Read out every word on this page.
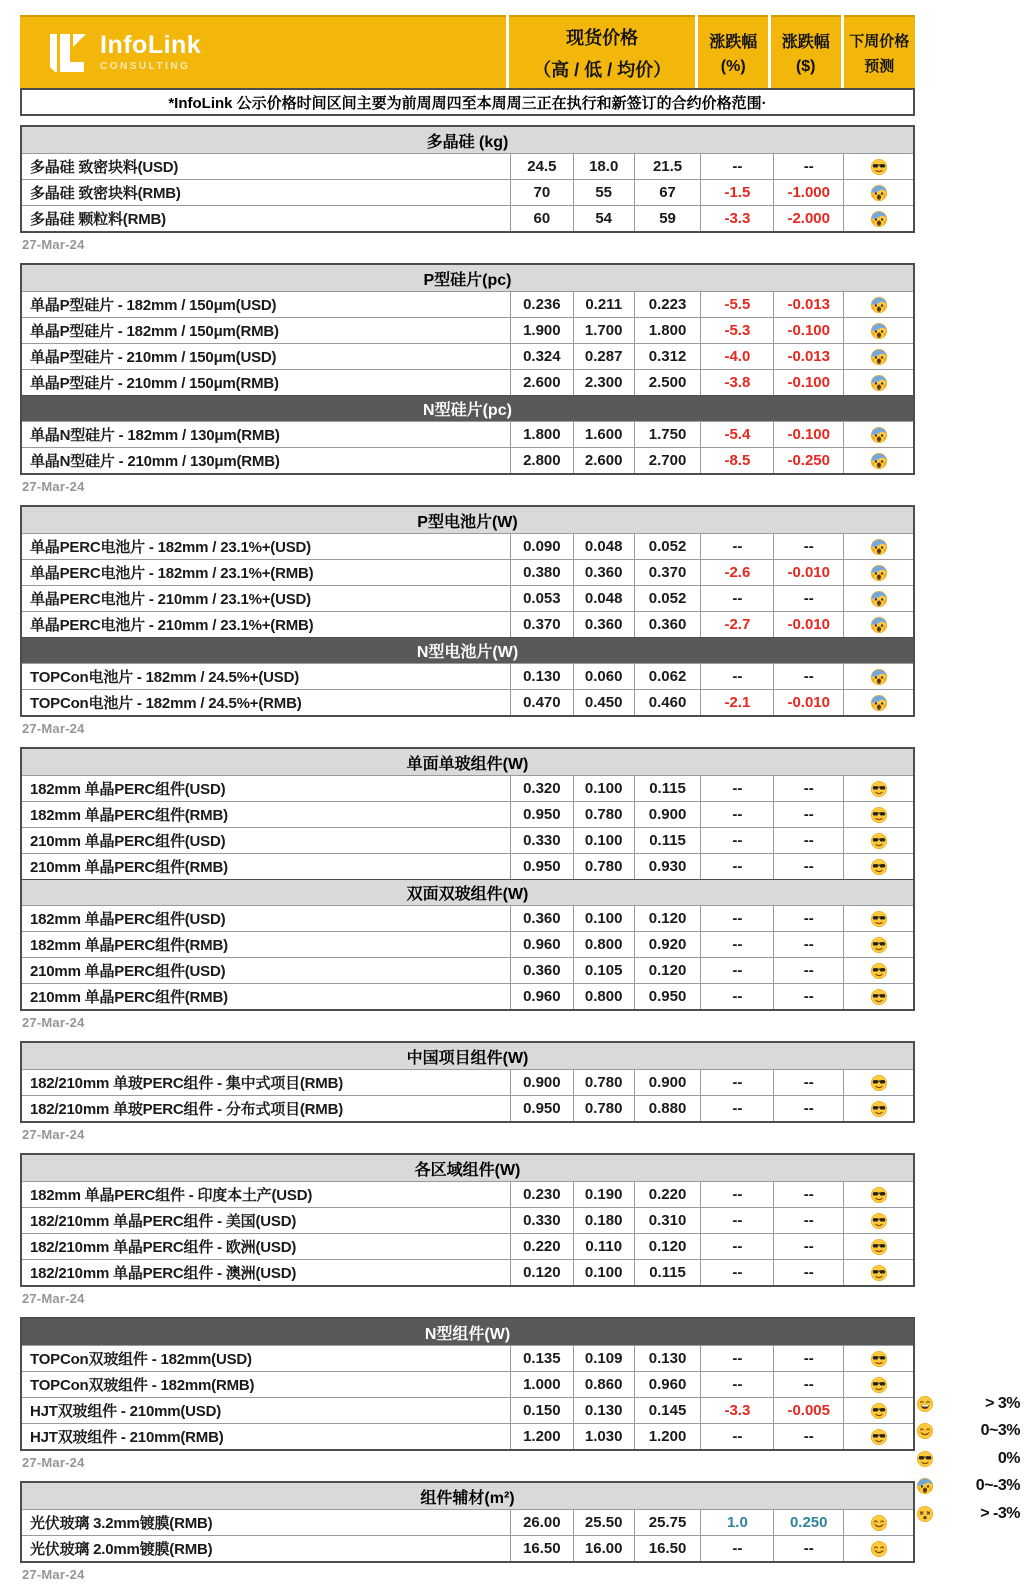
InfoLink
CONSULTING
现货价格
（高 / 低 / 均价）
涨跌幅
(%)
涨跌幅
($)
下周价格
预测
*InfoLink 公示价格时间区间主要为前周周四至本周周三正在执行和新签订的合约价格范围·
多晶硅 (kg)
多晶硅 致密块料(USD)	24.5	18.0	21.5	--	--
多晶硅 致密块料(RMB)	70	55	67	-1.5	-1.000
多晶硅 颗粒料(RMB)	60	54	59	-3.3	-2.000
27-Mar-24
P型硅片(pc)
单晶P型硅片 - 182mm / 150μm(USD)	0.236	0.211	0.223	-5.5	-0.013
单晶P型硅片 - 182mm / 150μm(RMB)	1.900	1.700	1.800	-5.3	-0.100
单晶P型硅片 - 210mm / 150μm(USD)	0.324	0.287	0.312	-4.0	-0.013
单晶P型硅片 - 210mm / 150μm(RMB)	2.600	2.300	2.500	-3.8	-0.100
N型硅片(pc)
单晶N型硅片 - 182mm / 130μm(RMB)	1.800	1.600	1.750	-5.4	-0.100
单晶N型硅片 - 210mm / 130μm(RMB)	2.800	2.600	2.700	-8.5	-0.250
27-Mar-24
P型电池片(W)
单晶PERC电池片 - 182mm / 23.1%+(USD)	0.090	0.048	0.052	--	--
单晶PERC电池片 - 182mm / 23.1%+(RMB)	0.380	0.360	0.370	-2.6	-0.010
单晶PERC电池片 - 210mm / 23.1%+(USD)	0.053	0.048	0.052	--	--
单晶PERC电池片 - 210mm / 23.1%+(RMB)	0.370	0.360	0.360	-2.7	-0.010
N型电池片(W)
TOPCon电池片 - 182mm / 24.5%+(USD)	0.130	0.060	0.062	--	--
TOPCon电池片 - 182mm / 24.5%+(RMB)	0.470	0.450	0.460	-2.1	-0.010
27-Mar-24
单面单玻组件(W)
182mm 单晶PERC组件(USD)	0.320	0.100	0.115	--	--
182mm 单晶PERC组件(RMB)	0.950	0.780	0.900	--	--
210mm 单晶PERC组件(USD)	0.330	0.100	0.115	--	--
210mm 单晶PERC组件(RMB)	0.950	0.780	0.930	--	--
双面双玻组件(W)
182mm 单晶PERC组件(USD)	0.360	0.100	0.120	--	--
182mm 单晶PERC组件(RMB)	0.960	0.800	0.920	--	--
210mm 单晶PERC组件(USD)	0.360	0.105	0.120	--	--
210mm 单晶PERC组件(RMB)	0.960	0.800	0.950	--	--
27-Mar-24
中国项目组件(W)
182/210mm 单玻PERC组件 - 集中式项目(RMB)	0.900	0.780	0.900	--	--
182/210mm 单玻PERC组件 - 分布式项目(RMB)	0.950	0.780	0.880	--	--
27-Mar-24
各区域组件(W)
182mm 单晶PERC组件 - 印度本土产(USD)	0.230	0.190	0.220	--	--
182/210mm 单晶PERC组件 - 美国(USD)	0.330	0.180	0.310	--	--
182/210mm 单晶PERC组件 - 欧洲(USD)	0.220	0.110	0.120	--	--
182/210mm 单晶PERC组件 - 澳洲(USD)	0.120	0.100	0.115	--	--
27-Mar-24
N型组件(W)
TOPCon双玻组件 - 182mm(USD)	0.135	0.109	0.130	--	--
TOPCon双玻组件 - 182mm(RMB)	1.000	0.860	0.960	--	--
HJT双玻组件 - 210mm(USD)	0.150	0.130	0.145	-3.3	-0.005
HJT双玻组件 - 210mm(RMB)	1.200	1.030	1.200	--	--
27-Mar-24
组件辅材(m²)
光伏玻璃 3.2mm镀膜(RMB)	26.00	25.50	25.75	1.0	0.250
光伏玻璃 2.0mm镀膜(RMB)	16.50	16.00	16.50	--	--
27-Mar-24
> 3%
0~3%
0%
0~-3%
> -3%
